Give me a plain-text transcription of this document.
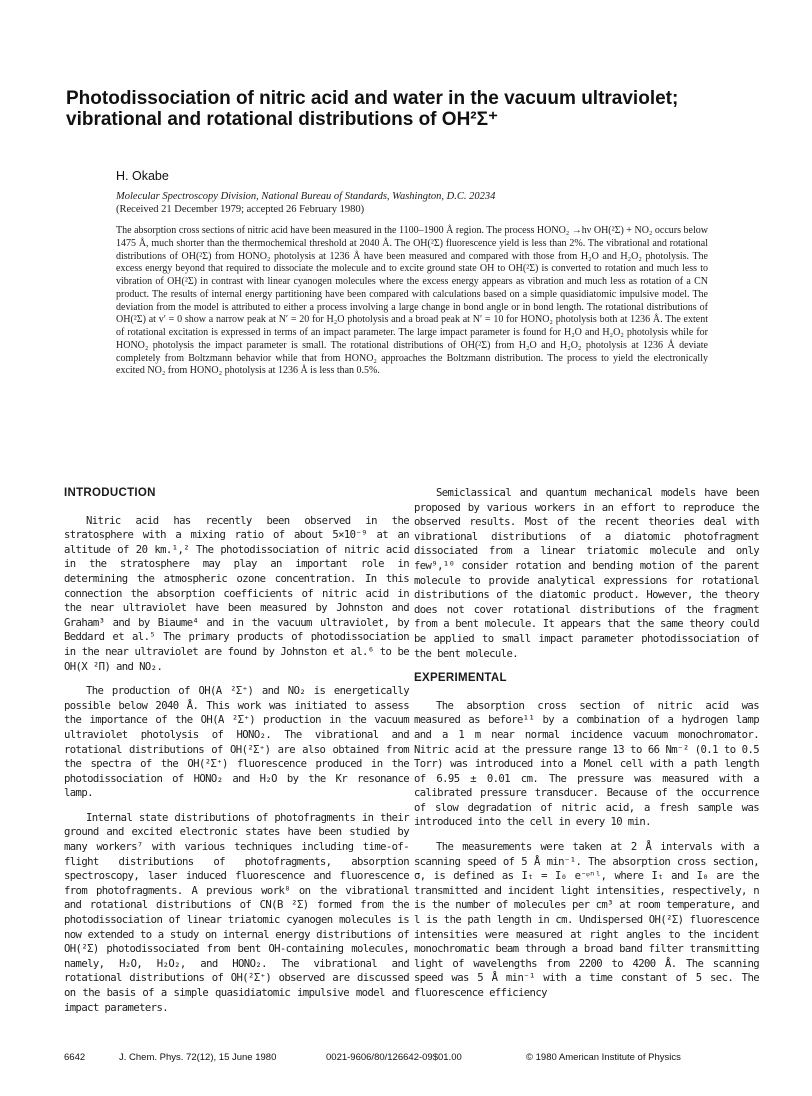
Photodissociation of nitric acid and water in the vacuum ultraviolet; vibrational and rotational distributions of OH²Σ⁺

H. Okabe

Molecular Spectroscopy Division, National Bureau of Standards, Washington, D.C. 20234

(Received 21 December 1979; accepted 26 February 1980)

The absorption cross sections of nitric acid have been measured in the 1100–1900 Å region. The process HONO₂ →hν OH(²Σ) + NO₂ occurs below 1475 Å, much shorter than the thermochemical threshold at 2040 Å. The OH(²Σ) fluorescence yield is less than 2%. The vibrational and rotational distributions of OH(²Σ) from HONO₂ photolysis at 1236 Å have been measured and compared with those from H₂O and H₂O₂ photolysis. The excess energy beyond that required to dissociate the molecule and to excite ground state OH to OH(²Σ) is converted to rotation and much less to vibration of OH(²Σ) in contrast with linear cyanogen molecules where the excess energy appears as vibration and much less as rotation of a CN product. The results of internal energy partitioning have been compared with calculations based on a simple quasidiatomic impulsive model. The deviation from the model is attributed to either a process involving a large change in bond angle or in bond length. The rotational distributions of OH(²Σ) at v′ = 0 show a narrow peak at N′ = 20 for H₂O photolysis and a broad peak at N′ = 10 for HONO₂ photolysis both at 1236 Å. The extent of rotational excitation is expressed in terms of an impact parameter. The large impact parameter is found for H₂O and H₂O₂ photolysis while for HONO₂ photolysis the impact parameter is small. The rotational distributions of OH(²Σ) from H₂O and H₂O₂ photolysis at 1236 Å deviate completely from Boltzmann behavior while that from HONO₂ approaches the Boltzmann distribution. The process to yield the electronically excited NO₂ from HONO₂ photolysis at 1236 Å is less than 0.5%.

INTRODUCTION

Nitric acid has recently been observed in the stratosphere with a mixing ratio of about 5×10⁻⁹ at an altitude of 20 km.¹,² The photodissociation of nitric acid in the stratosphere may play an important role in determining the atmospheric ozone concentration. In this connection the absorption coefficients of nitric acid in the near ultraviolet have been measured by Johnston and Graham³ and by Biaume⁴ and in the vacuum ultraviolet, by Beddard et al.⁵ The primary products of photodissociation in the near ultraviolet are found by Johnston et al.⁶ to be OH(X ²Π) and NO₂.

The production of OH(A ²Σ⁺) and NO₂ is energetically possible below 2040 Å. This work was initiated to assess the importance of the OH(A ²Σ⁺) production in the vacuum ultraviolet photolysis of HONO₂. The vibrational and rotational distributions of OH(²Σ⁺) are also obtained from the spectra of the OH(²Σ⁺) fluorescence produced in the photodissociation of HONO₂ and H₂O by the Kr resonance lamp.

Internal state distributions of photofragments in their ground and excited electronic states have been studied by many workers⁷ with various techniques including time-of-flight distributions of photofragments, absorption spectroscopy, laser induced fluorescence and fluorescence from photofragments. A previous work⁸ on the vibrational and rotational distributions of CN(B ²Σ) formed from the photodissociation of linear triatomic cyanogen molecules is now extended to a study on internal energy distributions of OH(²Σ) photodissociated from bent OH-containing molecules, namely, H₂O, H₂O₂, and HONO₂. The vibrational and rotational distributions of OH(²Σ⁺) observed are discussed on the basis of a simple quasidiatomic impulsive model and impact parameters.

Semiclassical and quantum mechanical models have been proposed by various workers in an effort to reproduce the observed results. Most of the recent theories deal with vibrational distributions of a diatomic photofragment dissociated from a linear triatomic molecule and only few⁹,¹⁰ consider rotation and bending motion of the parent molecule to provide analytical expressions for rotational distributions of the diatomic product. However, the theory does not cover rotational distributions of the fragment from a bent molecule. It appears that the same theory could be applied to small impact parameter photodissociation of the bent molecule.

EXPERIMENTAL

The absorption cross section of nitric acid was measured as before¹¹ by a combination of a hydrogen lamp and a 1 m near normal incidence vacuum monochromator. Nitric acid at the pressure range 13 to 66 Nm⁻² (0.1 to 0.5 Torr) was introduced into a Monel cell with a path length of 6.95 ± 0.01 cm. The pressure was measured with a calibrated pressure transducer. Because of the occurrence of slow degradation of nitric acid, a fresh sample was introduced into the cell in every 10 min.

The measurements were taken at 2 Å intervals with a scanning speed of 5 Å min⁻¹. The absorption cross section, σ, is defined as Iₜ = I₀ e⁻ᵠⁿˡ, where Iₜ and I₀ are the transmitted and incident light intensities, respectively, n is the number of molecules per cm³ at room temperature, and l is the path length in cm. Undispersed OH(²Σ) fluorescence intensities were measured at right angles to the incident monochromatic beam through a broad band filter transmitting light of wavelengths from 2200 to 4200 Å. The scanning speed was 5 Å min⁻¹ with a time constant of 5 sec. The fluorescence efficiency

6642	J. Chem. Phys. 72(12), 15 June 1980	0021-9606/80/126642-09$01.00	© 1980 American Institute of Physics
